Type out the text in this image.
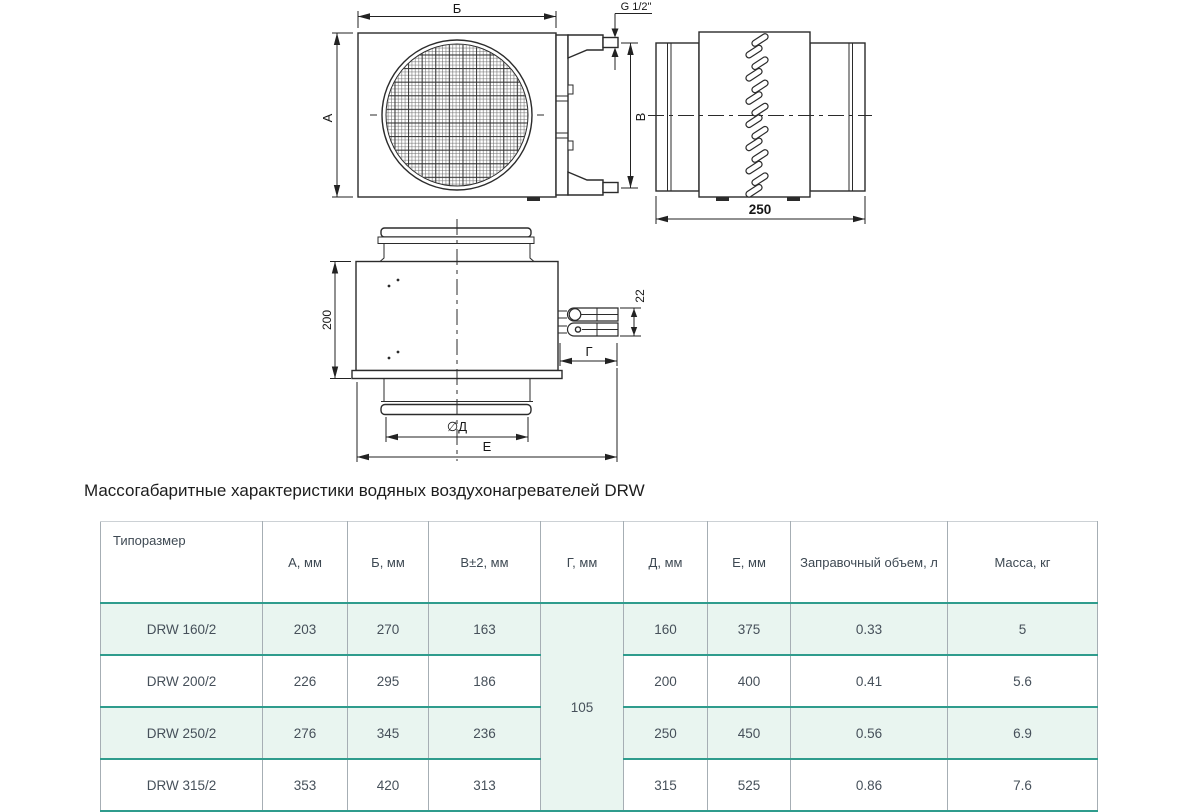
Б
А
G 1/2"
В
250
200
22
Г
∅Д
Е
Массогабаритные характеристики водяных воздухонагревателей DRW
Типоразмер	А, мм	Б, мм	В±2, мм	Г, мм	Д, мм	Е, мм	Заправочный объем, л	Масса, кг
DRW 160/2	203	270	163	105	160	375	0.33	5
DRW 200/2	226	295	186		200	400	0.41	5.6
DRW 250/2	276	345	236		250	450	0.56	6.9
DRW 315/2	353	420	313		315	525	0.86	7.6
